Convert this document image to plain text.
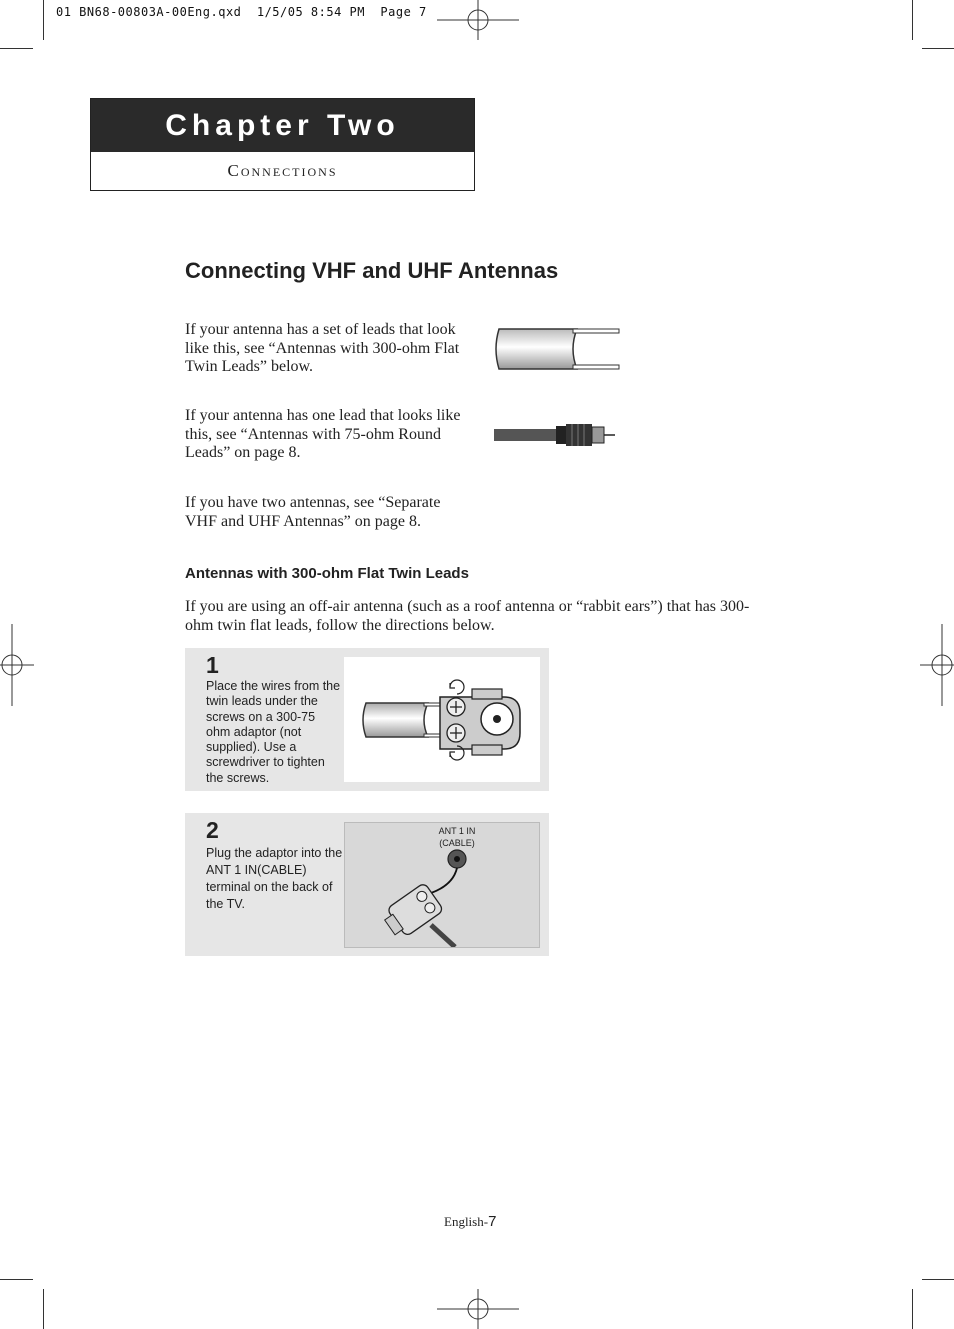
01 BN68-00803A-00Eng.qxd  1/5/05 8:54 PM  Page 7
Chapter Two
Connections
Connecting VHF and UHF Antennas
If your antenna has a set of leads that look like this, see “Antennas with 300-ohm Flat Twin Leads” below.
If your antenna has one lead that looks like this, see “Antennas with 75-ohm Round Leads” on page 8.
If you have two antennas, see “Separate VHF and UHF Antennas” on page 8.
Antennas with 300-ohm Flat Twin Leads
If you are using an off-air antenna (such as a roof antenna or “rabbit ears”) that has 300-ohm twin flat leads, follow the directions below.
1
Place the wires from the twin leads under the screws on a 300-75 ohm adaptor (not supplied). Use a screwdriver to tighten the screws.
2
Plug the adaptor into the ANT 1 IN(CABLE) terminal on the back of the TV.
ANT 1 IN
(CABLE)
English-7
